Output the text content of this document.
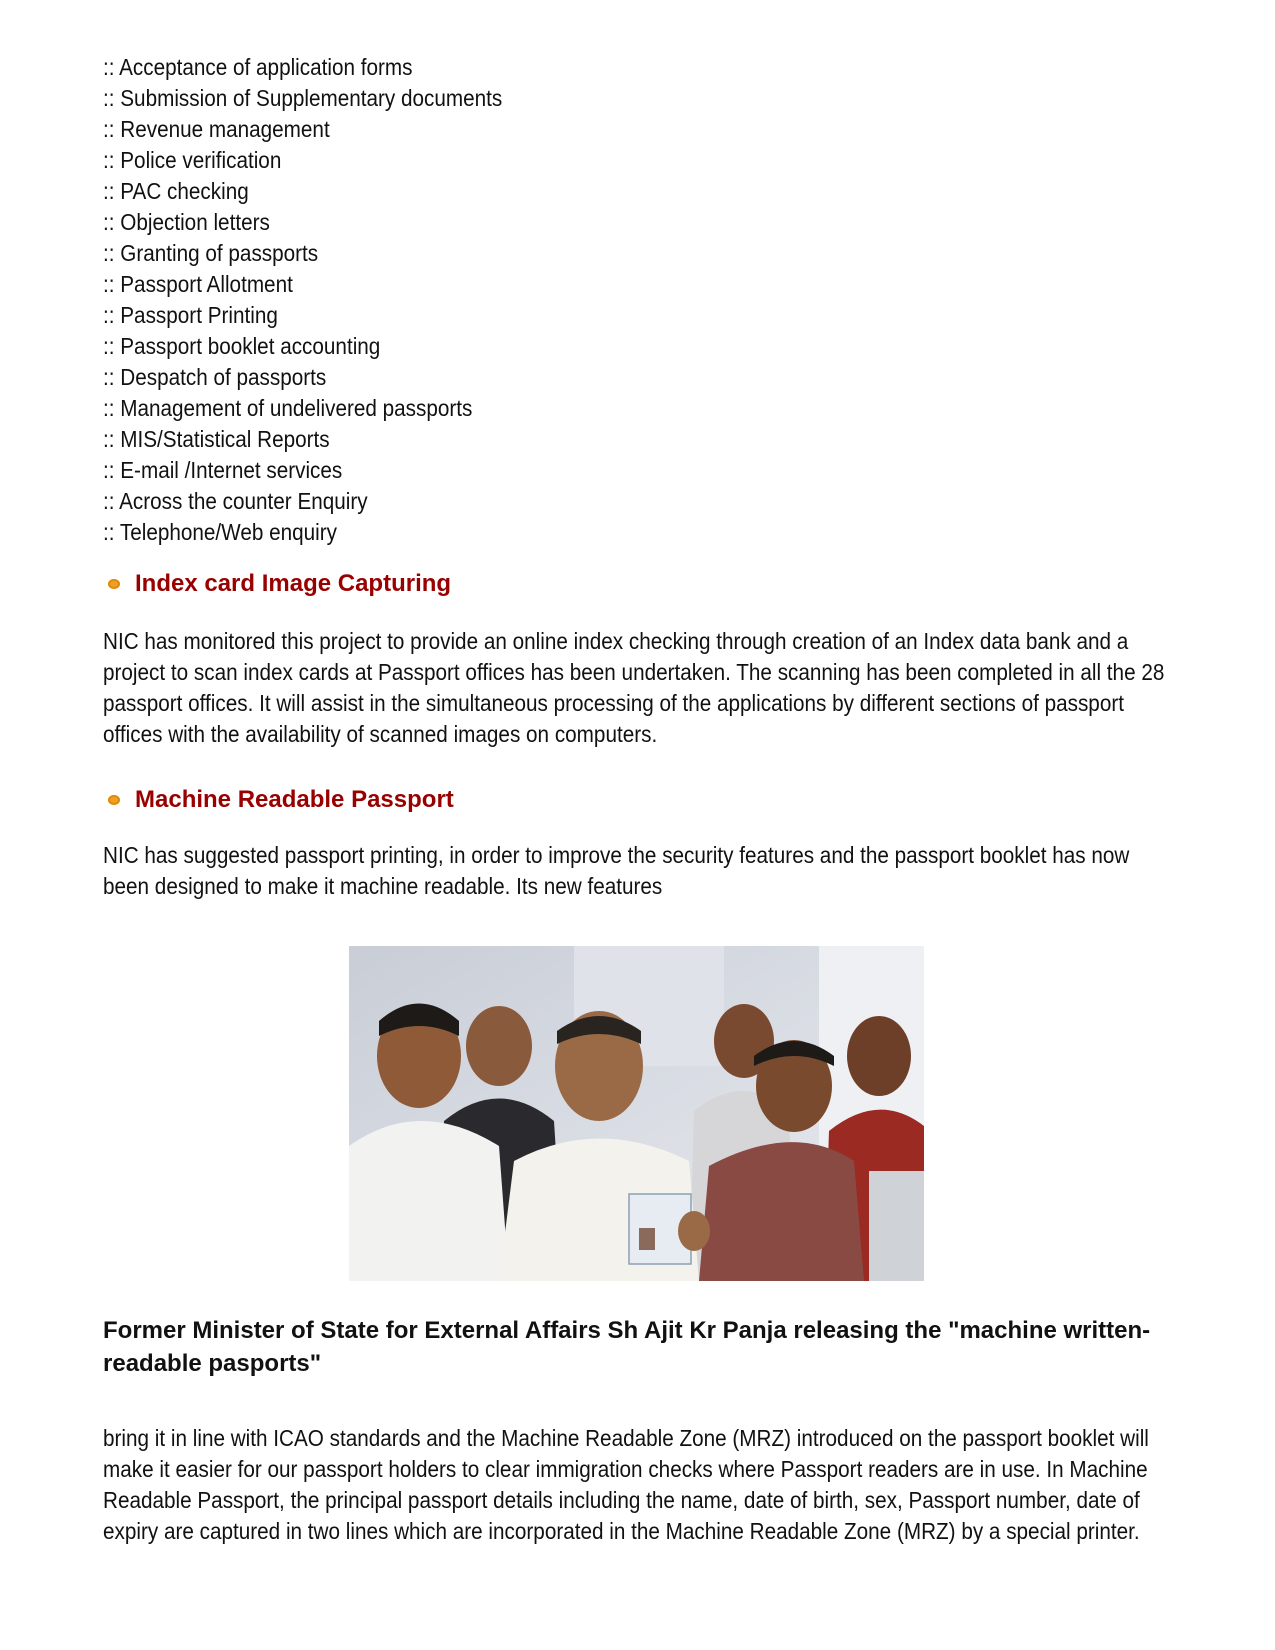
:: Acceptance of application forms
:: Submission of Supplementary documents
:: Revenue management
:: Police verification
:: PAC checking
:: Objection letters
:: Granting of passports
:: Passport Allotment
:: Passport Printing
:: Passport booklet accounting
:: Despatch of passports
:: Management of undelivered passports
:: MIS/Statistical Reports
:: E-mail /Internet services
:: Across the counter Enquiry
:: Telephone/Web enquiry
Index card Image Capturing

NIC has monitored this project to provide an online index checking through creation of an Index data bank and a project to scan index cards at Passport offices has been undertaken. The scanning has been completed in all the 28 passport offices. It will assist in the simultaneous processing of the applications by different sections of passport offices with the availability of scanned images on computers.

Machine Readable Passport

NIC has suggested passport printing, in order to improve the security features and the passport booklet has now been designed to make it machine readable. Its new features

Former Minister of State for External Affairs Sh Ajit Kr Panja releasing the "machine written-readable pasports"

bring it in line with ICAO standards and the Machine Readable Zone (MRZ) introduced on the passport booklet will make it easier for our passport holders to clear immigration checks where Passport readers are in use. In Machine Readable Passport, the principal passport details including the name, date of birth, sex, Passport number, date of expiry are captured in two lines which are incorporated in the Machine Readable Zone (MRZ) by a special printer.
